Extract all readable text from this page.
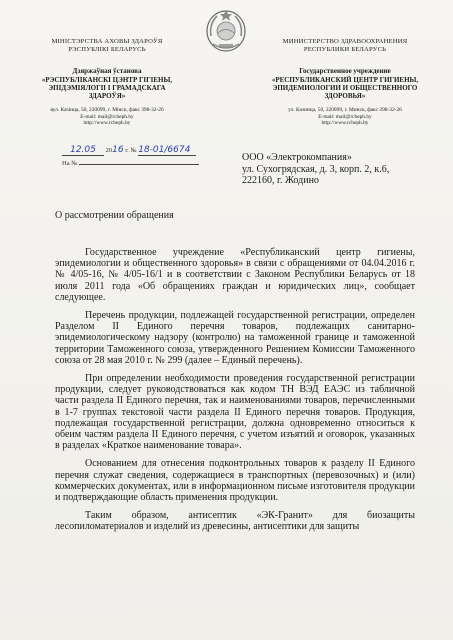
МІНІСТЭРСТВА АХОВЫ ЗДАРОЎЯ
РЭСПУБЛІКІ БЕЛАРУСЬ
Дзяржаўная ўстанова
«РЭСПУБЛІКАНСКІ ЦЭНТР ГІГІЕНЫ,
ЭПІДЭМІЯЛОГІІ І ГРАМАДСКАГА
ЗДАРОЎЯ»
вул. Казінца, 50, 220099, г. Мінск, факс 398-32-26
E-mail: mail@rcheph.by
http://www.rcheph.by
МИНИСТЕРСТВО ЗДРАВООХРАНЕНИЯ
РЕСПУБЛИКИ БЕЛАРУСЬ
Государственное учреждение
«РЕСПУБЛИКАНСКИЙ ЦЕНТР ГИГИЕНЫ,
ЭПИДЕМИОЛОГИИ И ОБЩЕСТВЕННОГО
ЗДОРОВЬЯ»
ул. Казинца, 50, 220099, г. Минск, факс 398-32-26
E-mail: mail@rcheph.by
http://www.rcheph.by
12.05 2016 г. № 18-01/6674
На №
ООО «Электрокомпания»
ул. Сухогрядская, д. 3, корп. 2, к.6,
222160, г. Жодино
О рассмотрении обращения

Государственное учреждение «Республиканский центр гигиены, эпидемиологии и общественного здоровья» в связи с обращениями от 04.04.2016 г. № 4/05-16, № 4/05-16/1 и в соответствии с Законом Республики Беларусь от 18 июля 2011 года «Об обращениях граждан и юридических лиц», сообщает следующее.

Перечень продукции, подлежащей государственной регистрации, определен Разделом II Единого перечня товаров, подлежащих санитарно-эпидемиологическому надзору (контролю) на таможенной границе и таможенной территории Таможенного союза, утвержденного Решением Комиссии Таможенного союза от 28 мая 2010 г. № 299 (далее – Единый перечень).

При определении необходимости проведения государственной регистрации продукции, следует руководствоваться как кодом ТН ВЭД ЕАЭС из табличной части раздела II Единого перечня, так и наименованиями товаров, перечисленными в 1-7 группах текстовой части раздела II Единого перечня товаров. Продукция, подлежащая государственной регистрации, должна одновременно относиться к обеим частям раздела II Единого перечня, с учетом изъятий и оговорок, указанных в разделах «Краткое наименование товара».

Основанием для отнесения подконтрольных товаров к разделу II Единого перечня служат сведения, содержащиеся в транспортных (перевозочных) и (или) коммерческих документах, или в информационном письме изготовителя продукции и подтверждающие область применения продукции.

Таким образом, антисептик «ЭК-Гранит» для биозащиты лесопиломатериалов и изделий из древесины, антисептики для защиты
